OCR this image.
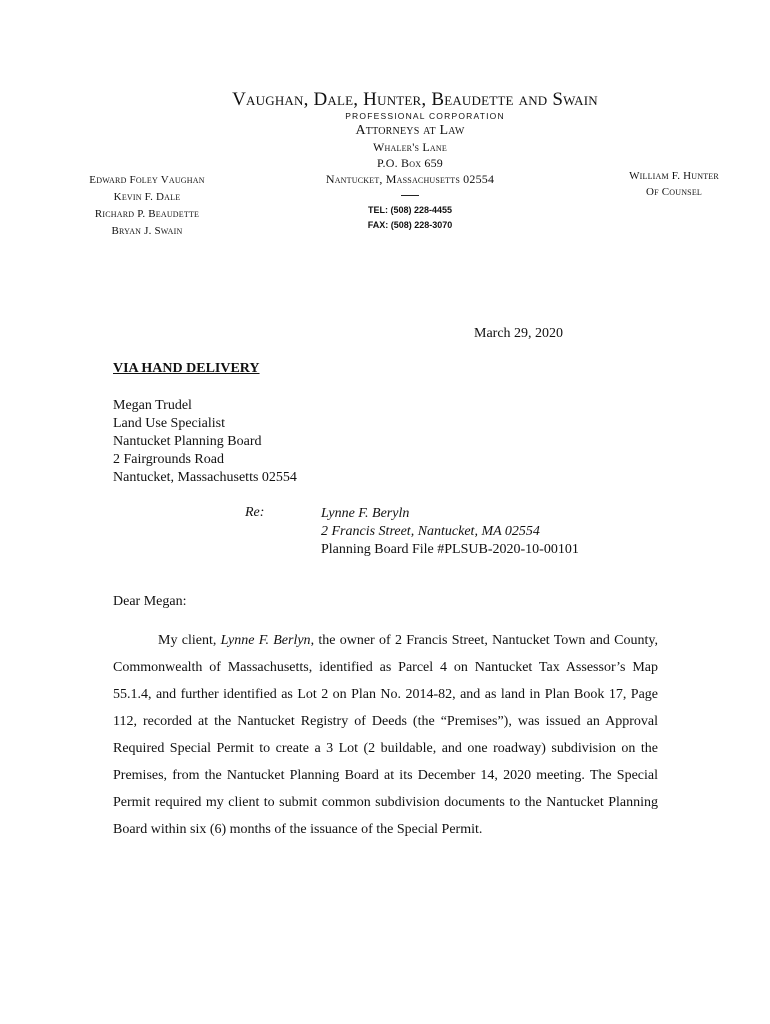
Vaughan, Dale, Hunter, Beaudette and Swain
PROFESSIONAL CORPORATION
Attorneys at Law
Whaler's Lane
P.O. Box 659
Nantucket, Massachusetts 02554
TEL: (508) 228-4455
FAX: (508) 228-3070
Edward Foley Vaughan
Kevin F. Dale
Richard P. Beaudette
Bryan J. Swain
William F. Hunter
Of Counsel
March 29, 2020
VIA HAND DELIVERY
Megan Trudel
Land Use Specialist
Nantucket Planning Board
2 Fairgrounds Road
Nantucket, Massachusetts 02554
Re:	Lynne F. Beryln
2 Francis Street, Nantucket, MA 02554
Planning Board File #PLSUB-2020-10-00101
Dear Megan:
My client, Lynne F. Berlyn, the owner of 2 Francis Street, Nantucket Town and County, Commonwealth of Massachusetts, identified as Parcel 4 on Nantucket Tax Assessor’s Map 55.1.4, and further identified as Lot 2 on Plan No. 2014-82, and as land in Plan Book 17, Page 112, recorded at the Nantucket Registry of Deeds (the “Premises”), was issued an Approval Required Special Permit to create a 3 Lot (2 buildable, and one roadway) subdivision on the Premises, from the Nantucket Planning Board at its December 14, 2020 meeting. The Special Permit required my client to submit common subdivision documents to the Nantucket Planning Board within six (6) months of the issuance of the Special Permit.
